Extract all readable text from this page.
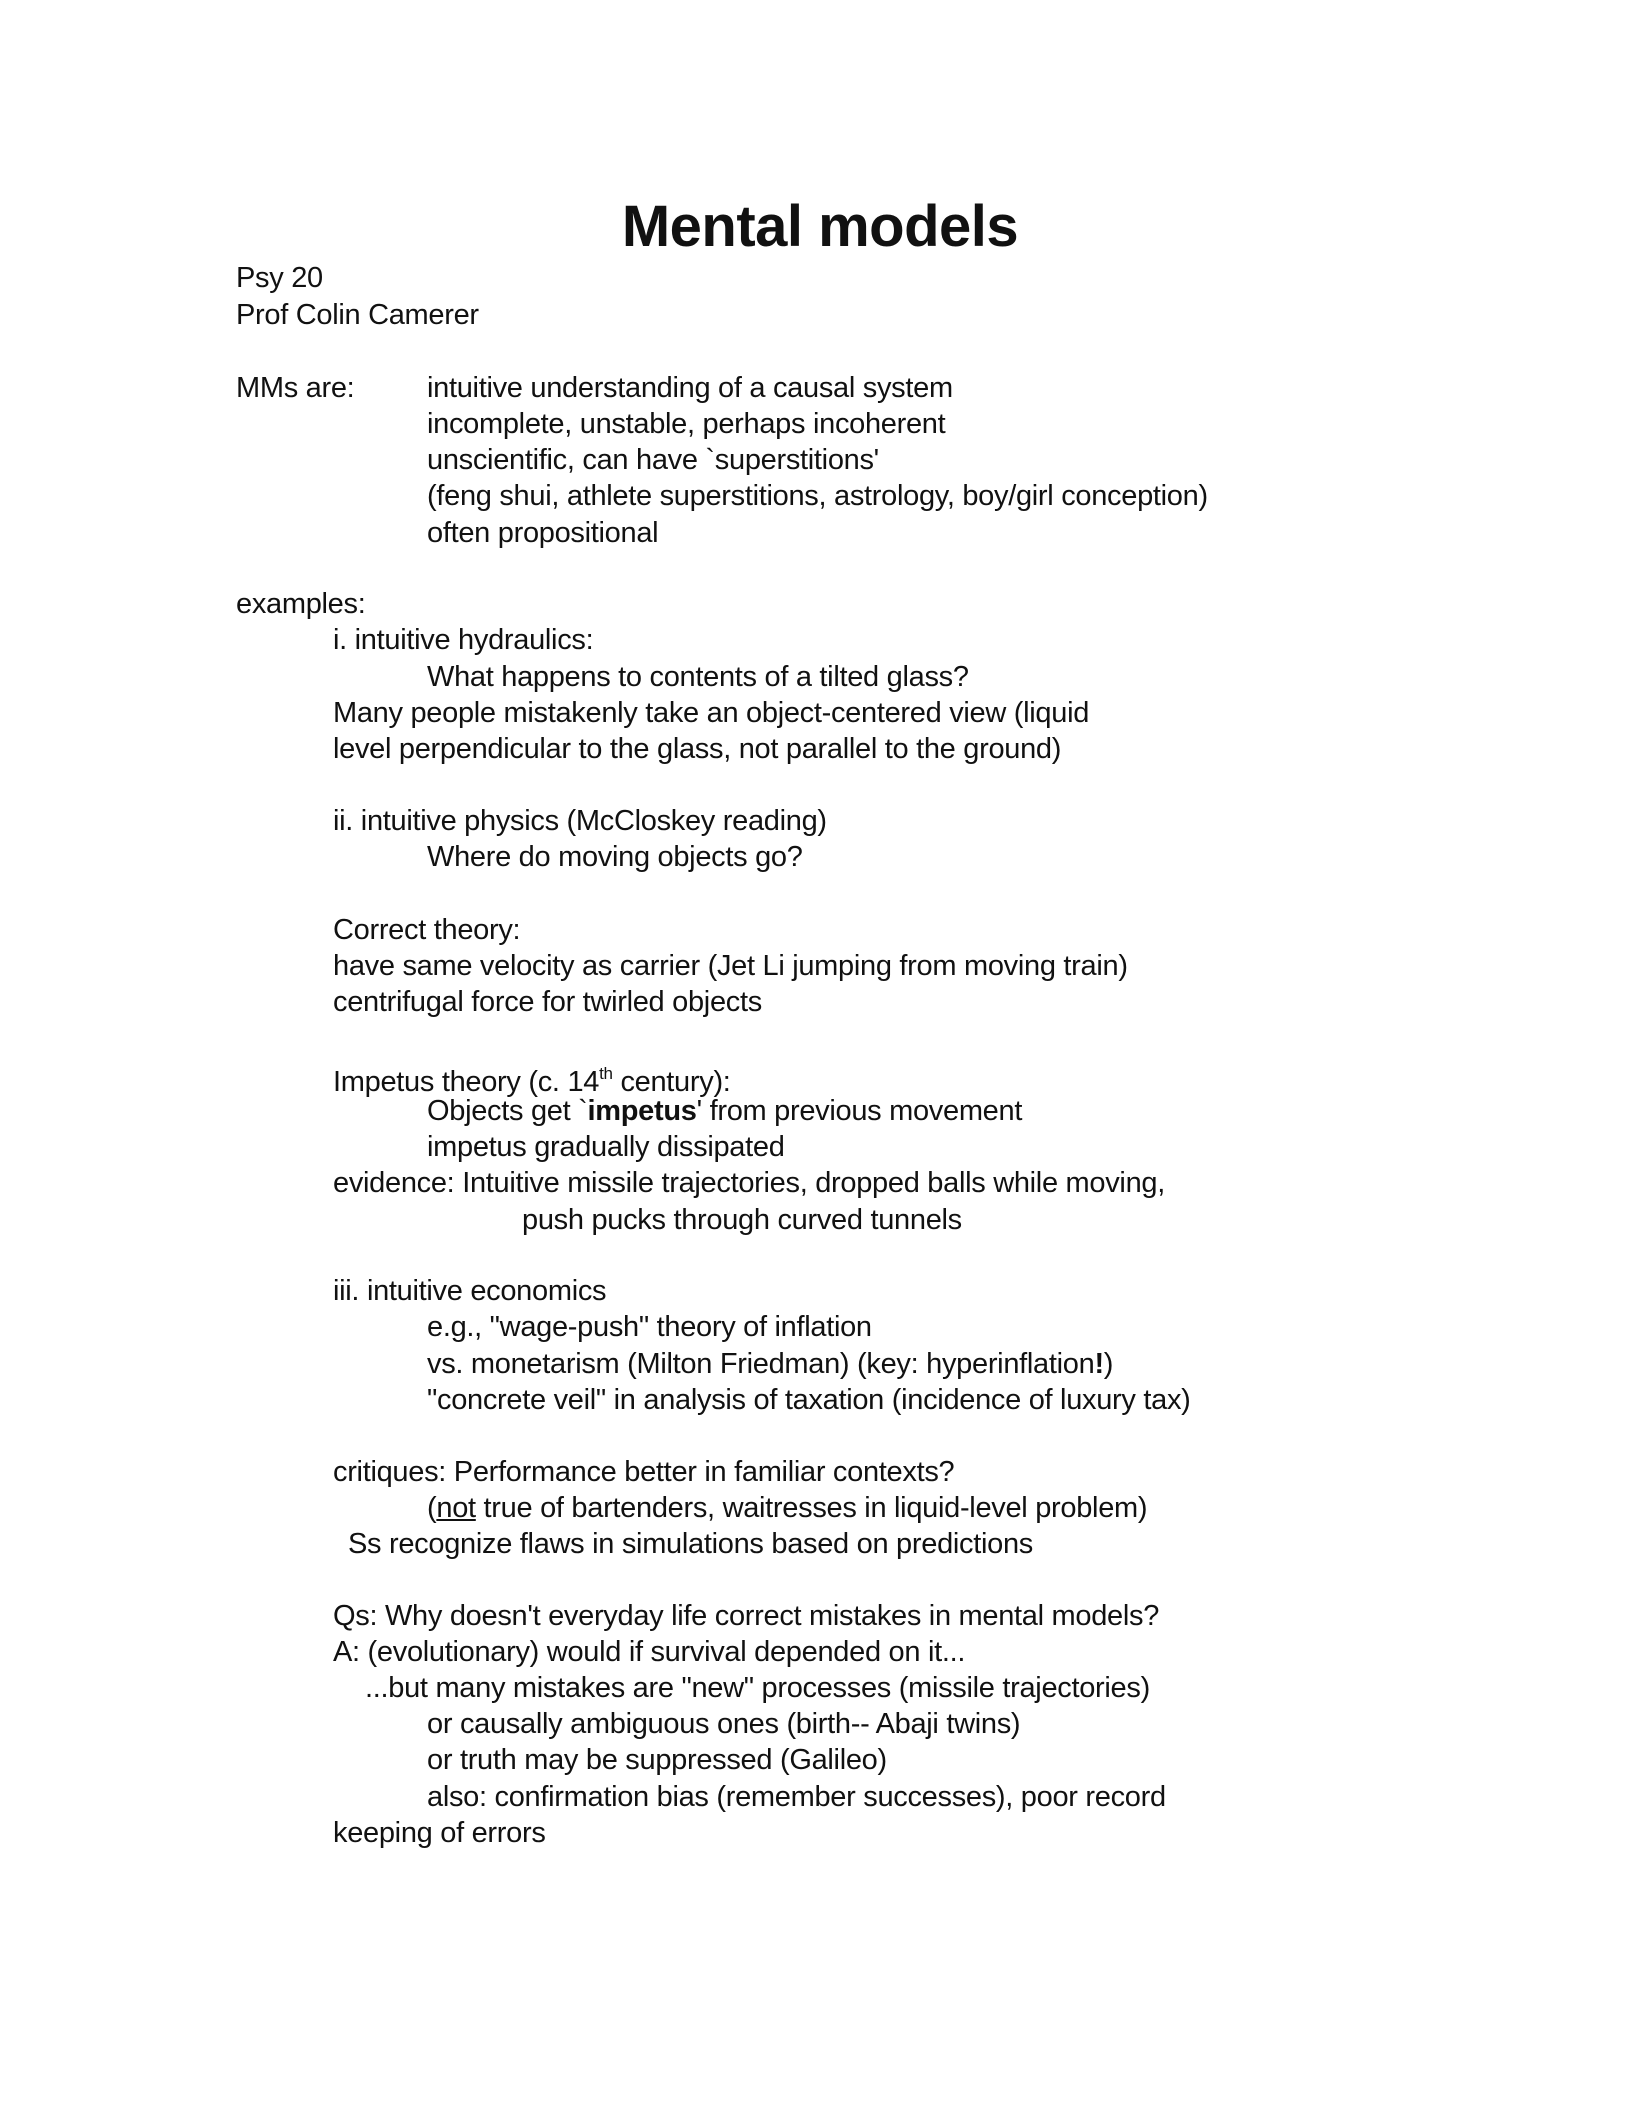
Mental models
Psy 20
Prof Colin Camerer
MMs are:	intuitive understanding of a causal system
incomplete, unstable, perhaps incoherent
unscientific, can have `superstitions'
(feng shui, athlete superstitions, astrology, boy/girl conception)
often propositional
examples:
i. intuitive hydraulics:
What happens to contents of a tilted glass?
Many people mistakenly take an object-centered view (liquid
level perpendicular to the glass, not parallel to the ground)
ii. intuitive physics (McCloskey reading)
Where do moving objects go?
Correct theory:
have same velocity as carrier (Jet Li jumping from moving train)
centrifugal force for twirled objects
Impetus theory (c. 14th century):
Objects get `impetus' from previous movement
impetus gradually dissipated
evidence: Intuitive missile trajectories, dropped balls while moving,
push pucks through curved tunnels
iii. intuitive economics
e.g., "wage-push" theory of inflation
vs. monetarism (Milton Friedman) (key: hyperinflation!)
"concrete veil" in analysis of taxation (incidence of luxury tax)
critiques: Performance better in familiar contexts?
(not true of bartenders, waitresses in liquid-level problem)
Ss recognize flaws in simulations based on predictions
Qs: Why doesn't everyday life correct mistakes in mental models?
A: (evolutionary) would if survival depended on it...
...but many mistakes are "new" processes (missile trajectories)
or causally ambiguous ones (birth-- Abaji twins)
or truth may be suppressed (Galileo)
also: confirmation bias (remember successes), poor record
keeping of errors
